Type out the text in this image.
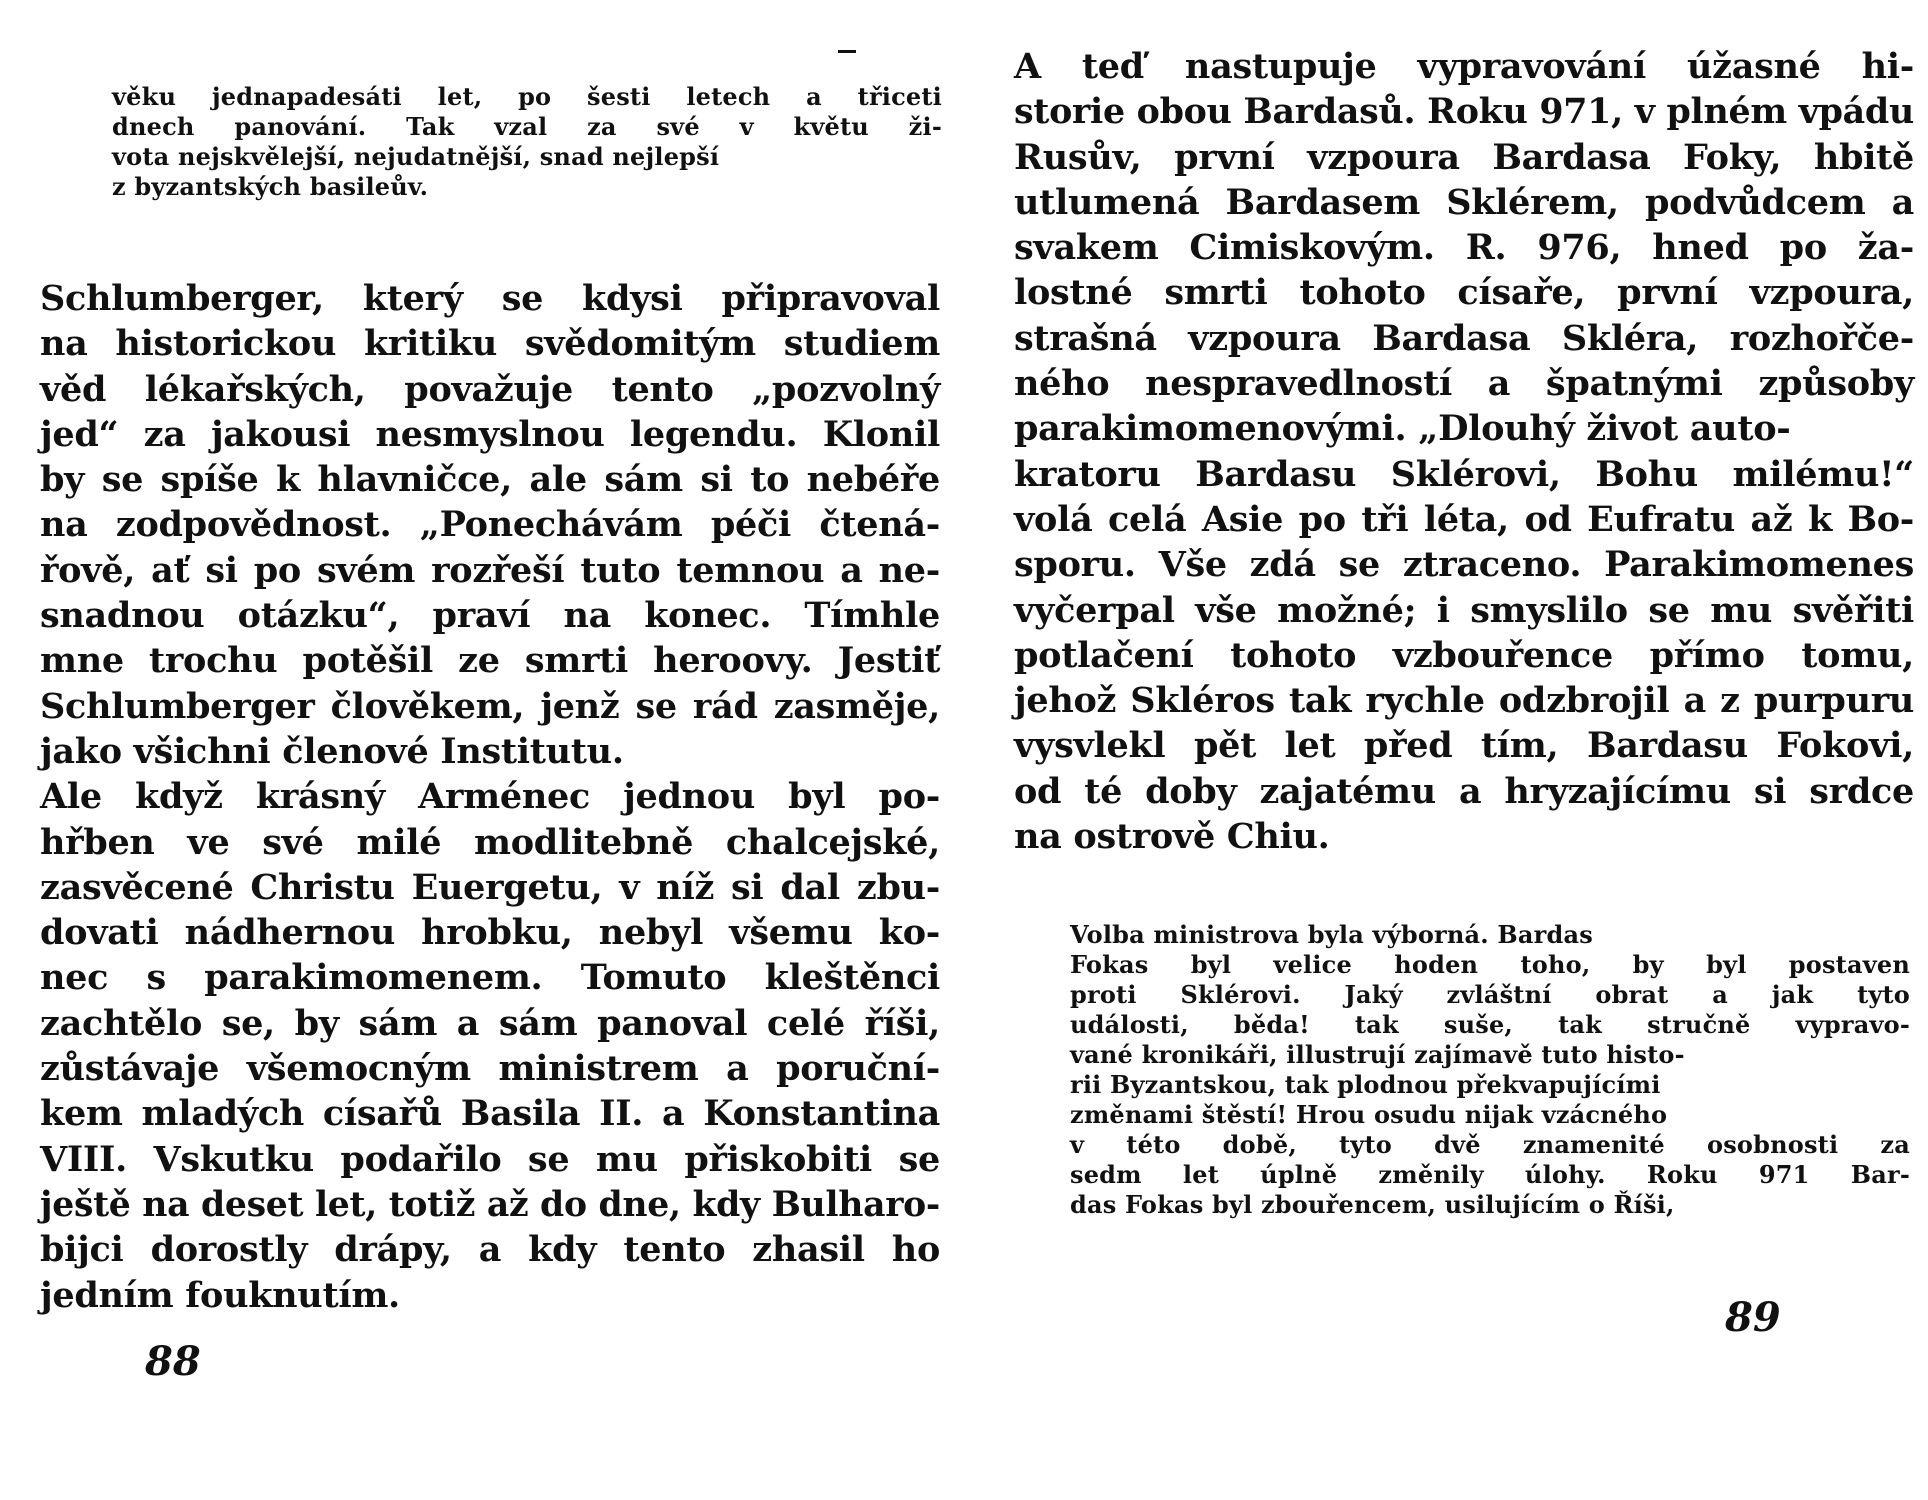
věku jednapadesáti let, po šesti letech a třiceti
dnech panování. Tak vzal za své v květu ži-
vota nejskvělejší, nejudatnější, snad nejlepší
z byzantských basileův.
Schlumberger, který se kdysi připravoval
na historickou kritiku svědomitým studiem
věd lékařských, považuje tento „pozvolný
jed“ za jakousi nesmyslnou legendu. Klonil
by se spíše k hlavničce, ale sám si to nebéře
na zodpovědnost. „Ponechávám péči čtená-
řově, ať si po svém rozřeší tuto temnou a ne-
snadnou otázku“, praví na konec. Tímhle
mne trochu potěšil ze smrti heroovy. Jestiť
Schlumberger člověkem, jenž se rád zasměje,
jako všichni členové Institutu.
Ale když krásný Arménec jednou byl po-
hřben ve své milé modlitebně chalcejské,
zasvěcené Christu Euergetu, v níž si dal zbu-
dovati nádhernou hrobku, nebyl všemu ko-
nec s parakimomenem. Tomuto kleštěnci
zachtělo se, by sám a sám panoval celé říši,
zůstávaje všemocným ministrem a poruční-
kem mladých císařů Basila II. a Konstantina
VIII. Vskutku podařilo se mu přiskobiti se
ještě na deset let, totiž až do dne, kdy Bulharo-
bijci dorostly drápy, a kdy tento zhasil ho
jedním fouknutím.
88
A teď nastupuje vypravování úžasné hi-
storie obou Bardasů. Roku 971, v plném vpádu
Rusův, první vzpoura Bardasa Foky, hbitě
utlumená Bardasem Sklérem, podvůdcem a
svakem Cimiskovým. R. 976, hned po ža-
lostné smrti tohoto císaře, první vzpoura,
strašná vzpoura Bardasa Skléra, rozhořče-
ného nespravedlností a špatnými způsoby
parakimomenovými. „Dlouhý život auto-
kratoru Bardasu Sklérovi, Bohu milému!“
volá celá Asie po tři léta, od Eufratu až k Bo-
sporu. Vše zdá se ztraceno. Parakimomenes
vyčerpal vše možné; i smyslilo se mu svěřiti
potlačení tohoto vzbouřence přímo tomu,
jehož Skléros tak rychle odzbrojil a z purpuru
vysvlekl pět let před tím, Bardasu Fokovi,
od té doby zajatému a hryzajícímu si srdce
na ostrově Chiu.
Volba ministrova byla výborná. Bardas
Fokas byl velice hoden toho, by byl postaven
proti Sklérovi. Jaký zvláštní obrat a jak tyto
události, běda! tak suše, tak stručně vypravo-
vané kronikáři, illustrují zajímavě tuto histo-
rii Byzantskou, tak plodnou překvapujícími
změnami štěstí! Hrou osudu nijak vzácného
v této době, tyto dvě znamenité osobnosti za
sedm let úplně změnily úlohy. Roku 971 Bar-
das Fokas byl zbouřencem, usilujícím o Říši,
89
